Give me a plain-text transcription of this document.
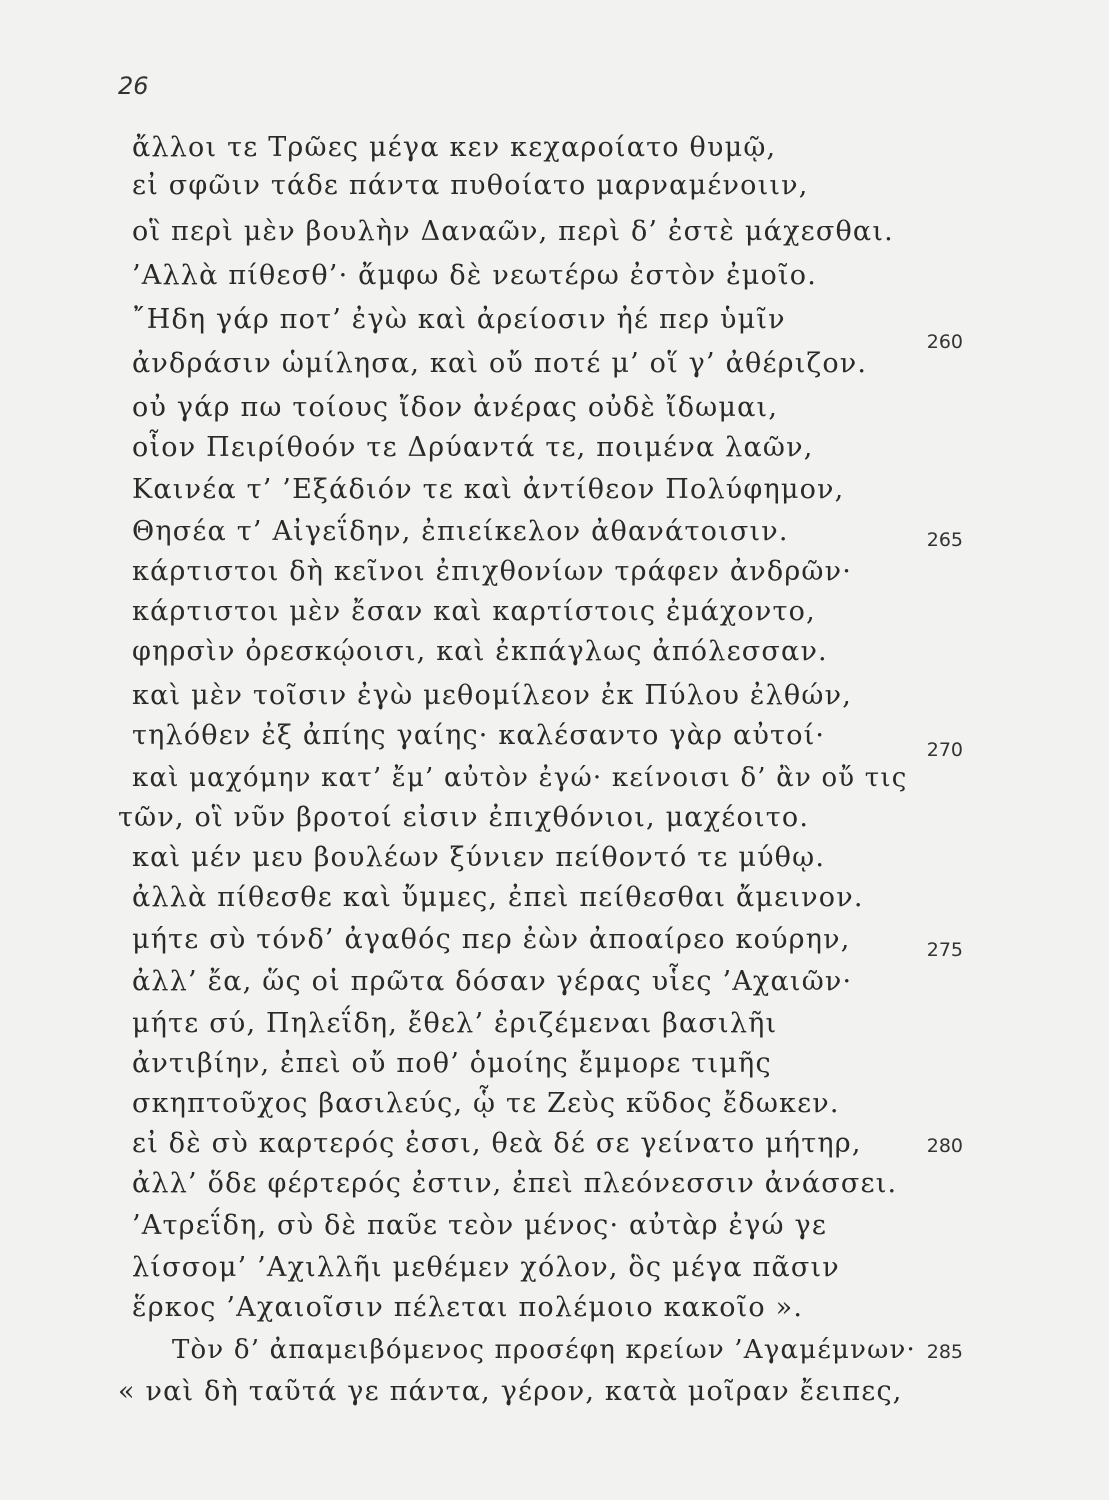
26
ἄλλοι τε Τρῶες μέγα κεν κεχαροίατο θυμῷ,
εἰ σφῶιν τάδε πάντα πυθοίατο μαρναμένοιιν,
οἳ περὶ μὲν βουλὴν Δαναῶν, περὶ δ’ ἐστὲ μάχεσθαι.
’Αλλὰ πίθεσθ’· ἄμφω δὲ νεωτέρω ἐστὸν ἐμοῖο.
῎Ηδη γάρ ποτ’ ἐγὼ καὶ ἀρείοσιν ἠέ περ ὑμῖν
260
ἀνδράσιν ὡμίλησα, καὶ οὔ ποτέ μ’ οἵ γ’ ἀθέριζον.
οὐ γάρ πω τοίους ἴδον ἀνέρας οὐδὲ ἴδωμαι,
οἷον Πειρίθοόν τε Δρύαντά τε, ποιμένα λαῶν,
Καινέα τ’ ’Εξάδιόν τε καὶ ἀντίθεον Πολύφημον,
Θησέα τ’ Αἰγεΐδην, ἐπιείκελον ἀθανάτοισιν.	265
κάρτιστοι δὴ κεῖνοι ἐπιχθονίων τράφεν ἀνδρῶν·
κάρτιστοι μὲν ἔσαν καὶ καρτίστοις ἐμάχοντο,
φηρσὶν ὀρεσκῴοισι, καὶ ἐκπάγλως ἀπόλεσσαν.
καὶ μὲν τοῖσιν ἐγὼ μεθομίλεον ἐκ Πύλου ἐλθών,
τηλόθεν ἐξ ἀπίης γαίης· καλέσαντο γὰρ αὐτοί·	270
καὶ μαχόμην κατ’ ἔμ’ αὐτὸν ἐγώ· κείνοισι δ’ ἂν οὔ τις
τῶν, οἳ νῦν βροτοί εἰσιν ἐπιχθόνιοι, μαχέοιτο.
καὶ μέν μευ βουλέων ξύνιεν πείθοντό τε μύθῳ.
ἀλλὰ πίθεσθε καὶ ὔμμες, ἐπεὶ πείθεσθαι ἄμεινον.
μήτε σὺ τόνδ’ ἀγαθός περ ἐὼν ἀποαίρεο κούρην,	275
ἀλλ’ ἔα, ὥς οἱ πρῶτα δόσαν γέρας υἷες ’Αχαιῶν·
μήτε σύ, Πηλεΐδη, ἔθελ’ ἐριζέμεναι βασιλῆι
ἀντιβίην, ἐπεὶ οὔ ποθ’ ὁμοίης ἔμμορε τιμῆς
σκηπτοῦχος βασιλεύς, ᾧ τε Ζεὺς κῦδος ἔδωκεν.
εἰ δὲ σὺ καρτερός ἐσσι, θεὰ δέ σε γείνατο μήτηρ,	280
ἀλλ’ ὅδε φέρτερός ἐστιν, ἐπεὶ πλεόνεσσιν ἀνάσσει.
’Ατρεΐδη, σὺ δὲ παῦε τεὸν μένος· αὐτὰρ ἐγώ γε
λίσσομ’ ’Αχιλλῆι μεθέμεν χόλον, ὃς μέγα πᾶσιν
ἕρκος ’Αχαιοῖσιν πέλεται πολέμοιο κακοῖο ».
Τὸν δ’ ἀπαμειβόμενος προσέφη κρείων ’Αγαμέμνων· 285
« ναὶ δὴ ταῦτά γε πάντα, γέρον, κατὰ μοῖραν ἔειπες,
